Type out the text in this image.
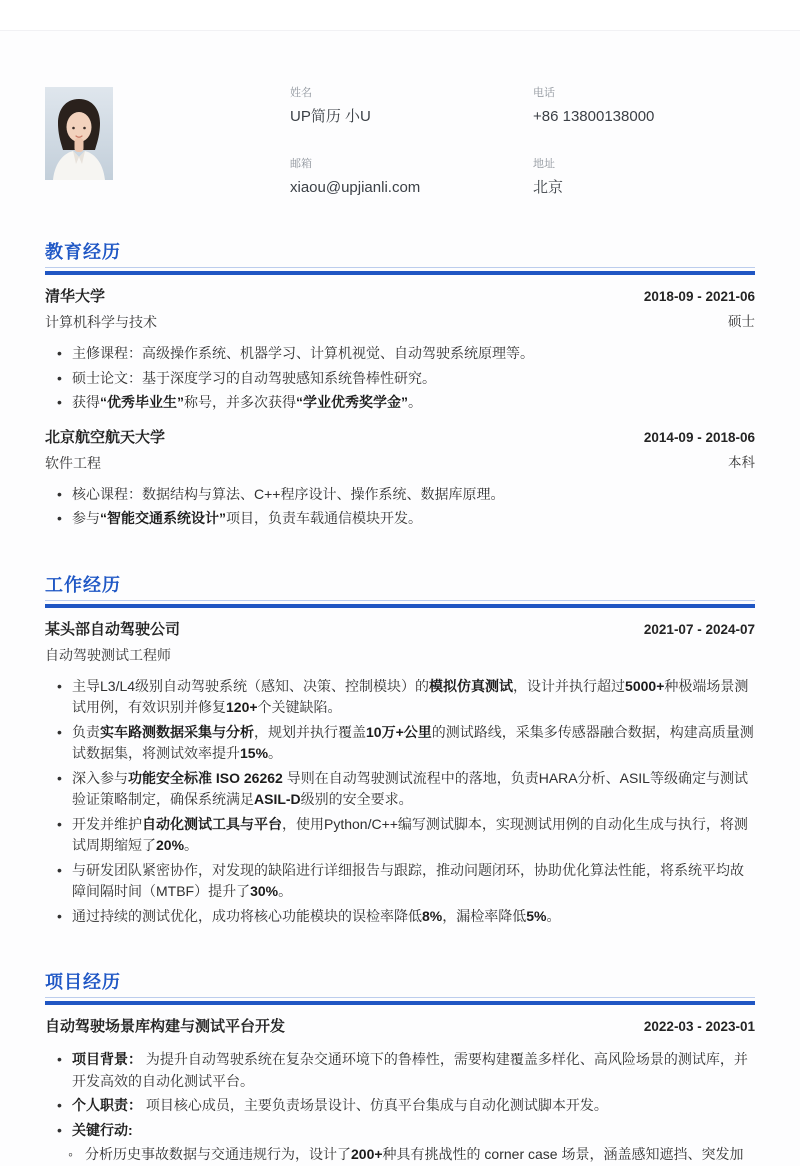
姓名
UP简历 小U
电话
+86 13800138000
邮箱
xiaou@upjianli.com
地址
北京
教育经历
清华大学
计算机科学与技术
2018-09 - 2021-06
硕士
• 主修课程：高级操作系统、机器学习、计算机视觉、自动驾驶系统原理等。
• 硕士论文：基于深度学习的自动驾驶感知系统鲁棒性研究。
• 获得“优秀毕业生”称号，并多次获得“学业优秀奖学金”。
北京航空航天大学
软件工程
2014-09 - 2018-06
本科
• 核心课程：数据结构与算法、C++程序设计、操作系统、数据库原理。
• 参与“智能交通系统设计”项目，负责车载通信模块开发。
工作经历
某头部自动驾驶公司
自动驾驶测试工程师
2021-07 - 2024-07
• 主导L3/L4级别自动驾驶系统（感知、决策、控制模块）的模拟仿真测试，设计并执行超过5000+种极端场景测试用例，有效识别并修复120+个关键缺陷。
• 负责实车路测数据采集与分析，规划并执行覆盖10万+公里的测试路线，采集多传感器融合数据，构建高质量测试数据集，将测试效率提升15%。
• 深入参与功能安全标准 ISO 26262 导则在自动驾驶测试流程中的落地，负责HARA分析、ASIL等级确定与测试验证策略制定，确保系统满足ASIL-D级别的安全要求。
• 开发并维护自动化测试工具与平台，使用Python/C++编写测试脚本，实现测试用例的自动化生成与执行，将测试周期缩短了20%。
• 与研发团队紧密协作，对发现的缺陷进行详细报告与跟踪，推动问题闭环，协助优化算法性能，将系统平均故障间隔时间（MTBF）提升了30%。
• 通过持续的测试优化，成功将核心功能模块的误检率降低8%，漏检率降低5%。
项目经历
自动驾驶场景库构建与测试平台开发	2022-03 - 2023-01
• 项目背景： 为提升自动驾驶系统在复杂交通环境下的鲁棒性，需要构建覆盖多样化、高风险场景的测试库，并开发高效的自动化测试平台。
• 个人职责： 项目核心成员，主要负责场景设计、仿真平台集成与自动化测试脚本开发。
• 关键行动:
◦ 分析历史事故数据与交通违规行为，设计了200+种具有挑战性的 corner case 场景，涵盖感知遮挡、突发加
